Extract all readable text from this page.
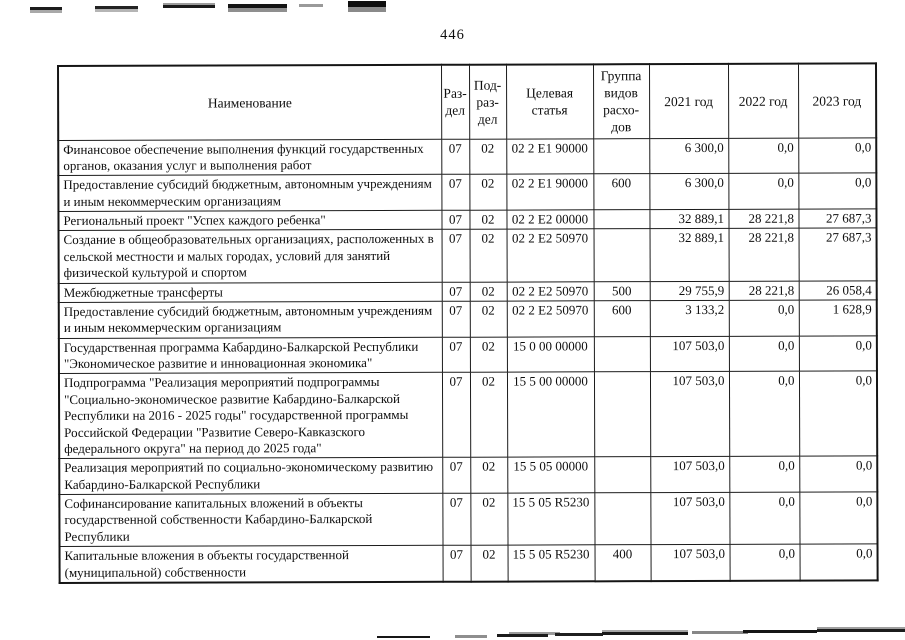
446
Наименование	Раз-дел	Под-раз-дел	Целевая статья	Группа видов расхо-дов	2021 год	2022 год	2023 год
Финансовое обеспечение выполнения функций государственных органов, оказания услуг и выполнения работ	07	02	02 2 E1 90000		6 300,0	0,0	0,0
Предоставление субсидий бюджетным, автономным учреждениям и иным некоммерческим организациям	07	02	02 2 E1 90000	600	6 300,0	0,0	0,0
Региональный проект "Успех каждого ребенка"	07	02	02 2 E2 00000		32 889,1	28 221,8	27 687,3
Создание в общеобразовательных организациях, расположенных в сельской местности и малых городах, условий для занятий физической культурой и спортом	07	02	02 2 E2 50970		32 889,1	28 221,8	27 687,3
Межбюджетные трансферты	07	02	02 2 E2 50970	500	29 755,9	28 221,8	26 058,4
Предоставление субсидий бюджетным, автономным учреждениям и иным некоммерческим организациям	07	02	02 2 E2 50970	600	3 133,2	0,0	1 628,9
Государственная программа Кабардино-Балкарской Республики "Экономическое развитие и инновационная экономика"	07	02	15 0 00 00000		107 503,0	0,0	0,0
Подпрограмма "Реализация мероприятий подпрограммы "Социально-экономическое развитие Кабардино-Балкарской Республики на 2016 - 2025 годы" государственной программы Российской Федерации "Развитие Северо-Кавказского федерального округа" на период до 2025 года"	07	02	15 5 00 00000		107 503,0	0,0	0,0
Реализация мероприятий по социально-экономическому развитию Кабардино-Балкарской Республики	07	02	15 5 05 00000		107 503,0	0,0	0,0
Софинансирование капитальных вложений в объекты государственной собственности Кабардино-Балкарской Республики	07	02	15 5 05 R5230		107 503,0	0,0	0,0
Капитальные вложения в объекты государственной (муниципальной) собственности	07	02	15 5 05 R5230	400	107 503,0	0,0	0,0
